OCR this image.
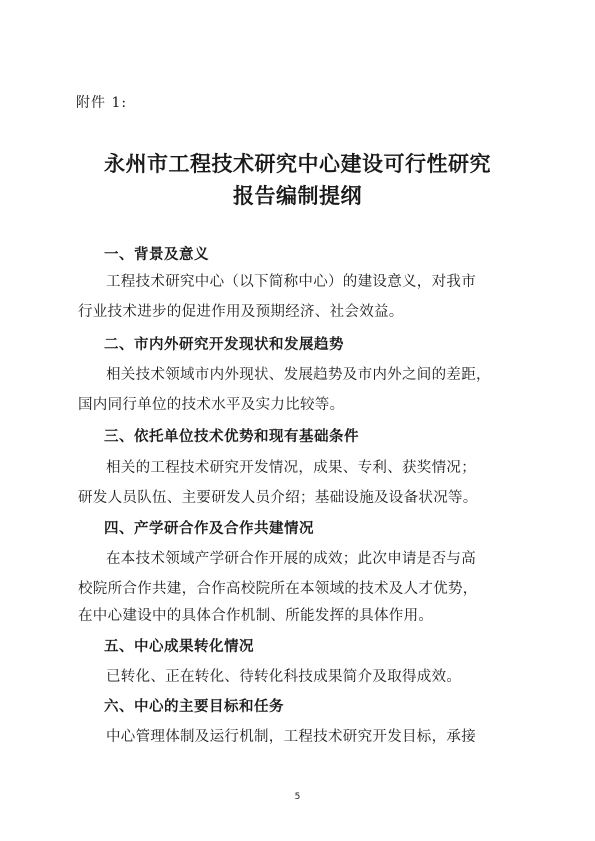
附件 1:
永州市工程技术研究中心建设可行性研究
报告编制提纲
一、背景及意义
工程技术研究中心（以下简称中心）的建设意义，对我市
行业技术进步的促进作用及预期经济、社会效益。
二、市内外研究开发现状和发展趋势
相关技术领域市内外现状、发展趋势及市内外之间的差距，
国内同行单位的技术水平及实力比较等。
三、依托单位技术优势和现有基础条件
相关的工程技术研究开发情况，成果、专利、获奖情况；
研发人员队伍、主要研发人员介绍；基础设施及设备状况等。
四、产学研合作及合作共建情况
在本技术领域产学研合作开展的成效；此次申请是否与高
校院所合作共建，合作高校院所在本领域的技术及人才优势，
在中心建设中的具体合作机制、所能发挥的具体作用。
五、中心成果转化情况
已转化、正在转化、待转化科技成果简介及取得成效。
六、中心的主要目标和任务
中心管理体制及运行机制，工程技术研究开发目标，承接
5
